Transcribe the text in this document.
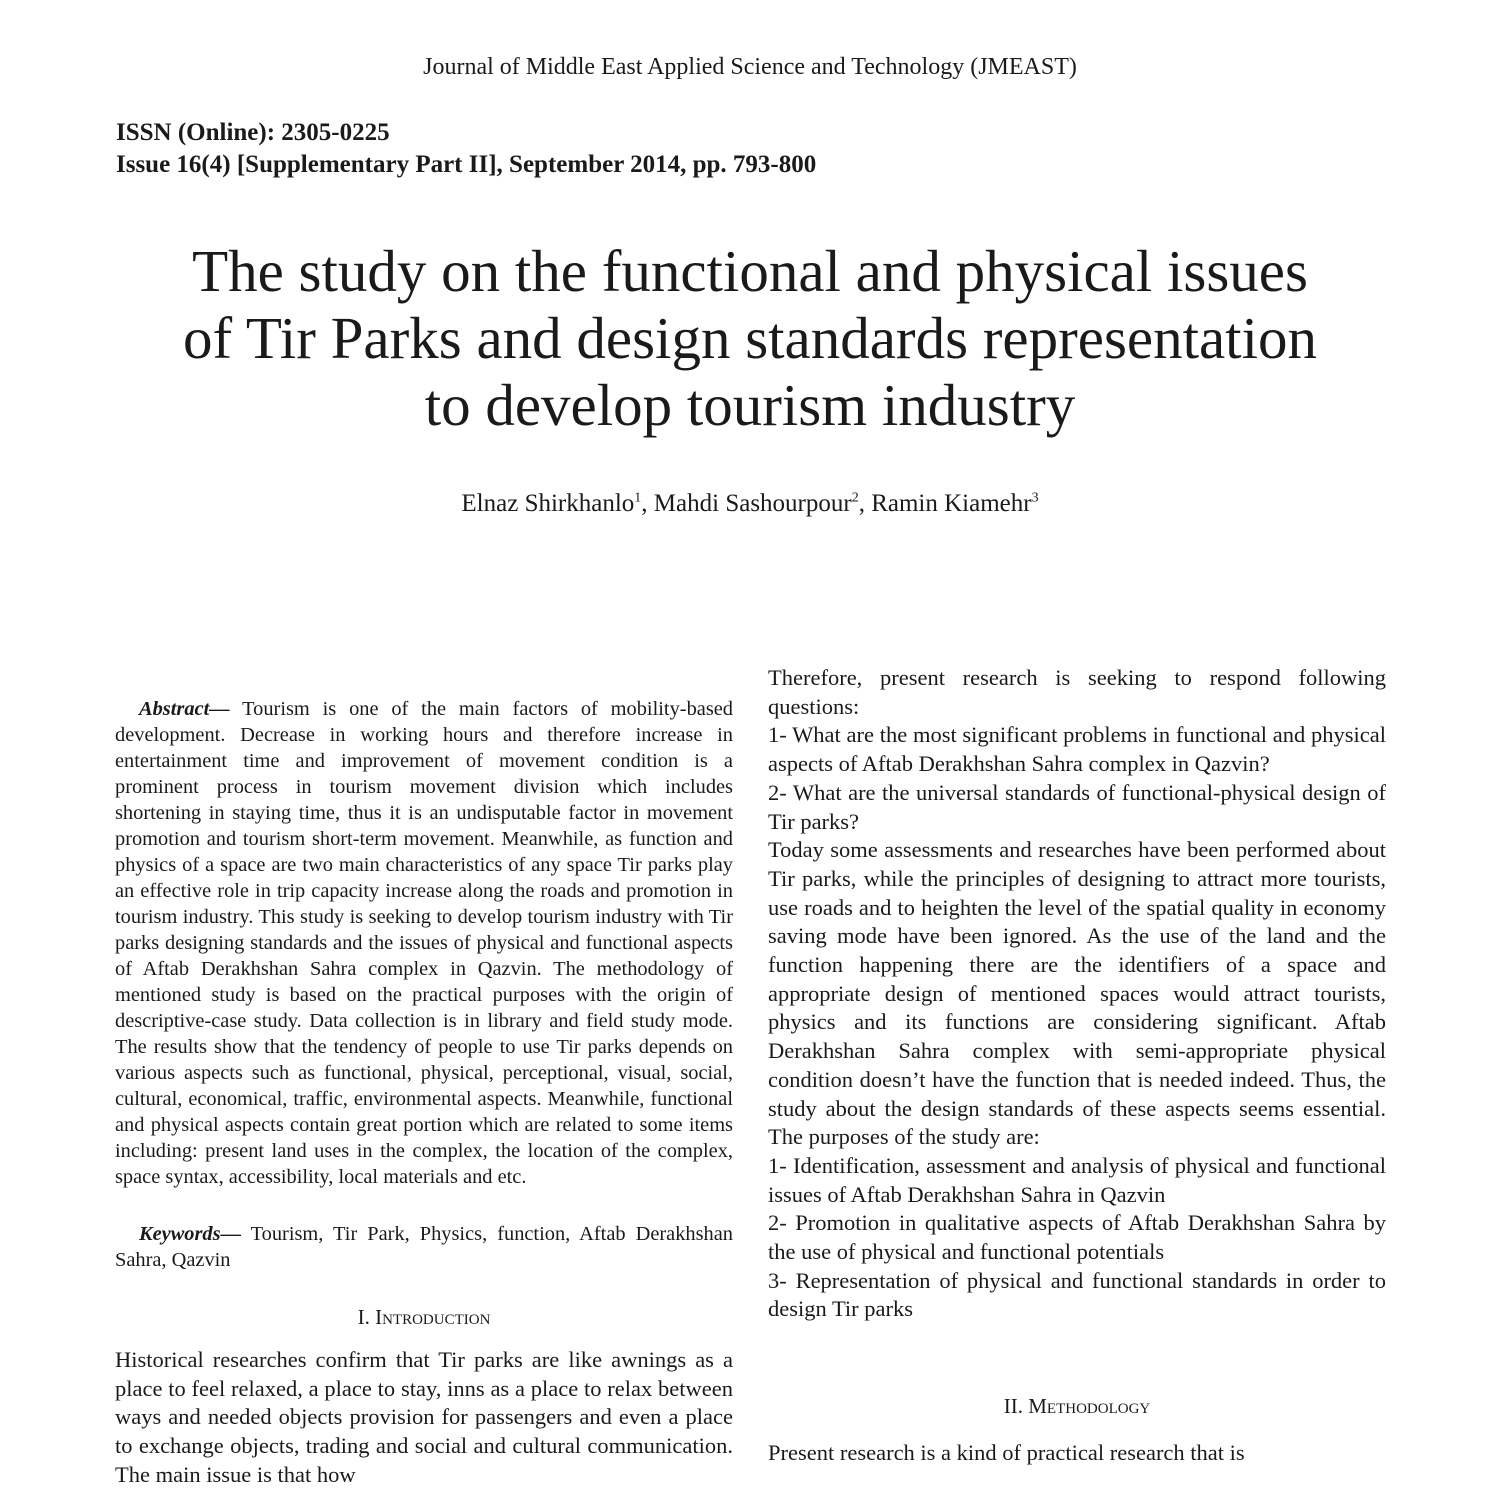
Journal of Middle East Applied Science and Technology (JMEAST)
ISSN (Online): 2305-0225
Issue 16(4) [Supplementary Part II], September 2014, pp. 793-800
The study on the functional and physical issues
of Tir Parks and design standards representation
to develop tourism industry
Elnaz Shirkhanlo$^1$, Mahdi Sashourpour$^2$, Ramin Kiamehr$^3$

Abstract— Tourism is one of the main factors of mobility-based development. Decrease in working hours and therefore increase in entertainment time and improvement of movement condition is a prominent process in tourism movement division which includes shortening in staying time, thus it is an undisputable factor in movement promotion and tourism short-term movement. Meanwhile, as function and physics of a space are two main characteristics of any space Tir parks play an effective role in trip capacity increase along the roads and promotion in tourism industry. This study is seeking to develop tourism industry with Tir parks designing standards and the issues of physical and functional aspects of Aftab Derakhshan Sahra complex in Qazvin. The methodology of mentioned study is based on the practical purposes with the origin of descriptive-case study. Data collection is in library and field study mode. The results show that the tendency of people to use Tir parks depends on various aspects such as functional, physical, perceptional, visual, social, cultural, economical, traffic, environmental aspects. Meanwhile, functional and physical aspects contain great portion which are related to some items including: present land uses in the complex, the location of the complex, space syntax, accessibility, local materials and etc.

Keywords— Tourism, Tir Park, Physics, function, Aftab Derakhshan Sahra, Qazvin

I. Introduction

Historical researches confirm that Tir parks are like awnings as a place to feel relaxed, a place to stay, inns as a place to relax between ways and needed objects provision for passengers and even a place to exchange objects, trading and social and cultural communication. The main issue is that how

Therefore, present research is seeking to respond following questions:

1- What are the most significant problems in functional and physical aspects of Aftab Derakhshan Sahra complex in Qazvin?

2- What are the universal standards of functional-physical design of Tir parks?

Today some assessments and researches have been performed about Tir parks, while the principles of designing to attract more tourists, use roads and to heighten the level of the spatial quality in economy saving mode have been ignored. As the use of the land and the function happening there are the identifiers of a space and appropriate design of mentioned spaces would attract tourists, physics and its functions are considering significant. Aftab Derakhshan Sahra complex with semi-appropriate physical condition doesn’t have the function that is needed indeed. Thus, the study about the design standards of these aspects seems essential. The purposes of the study are:

1- Identification, assessment and analysis of physical and functional issues of Aftab Derakhshan Sahra in Qazvin

2- Promotion in qualitative aspects of Aftab Derakhshan Sahra by the use of physical and functional potentials

3- Representation of physical and functional standards in order to design Tir parks

II. Methodology

Present research is a kind of practical research that is
